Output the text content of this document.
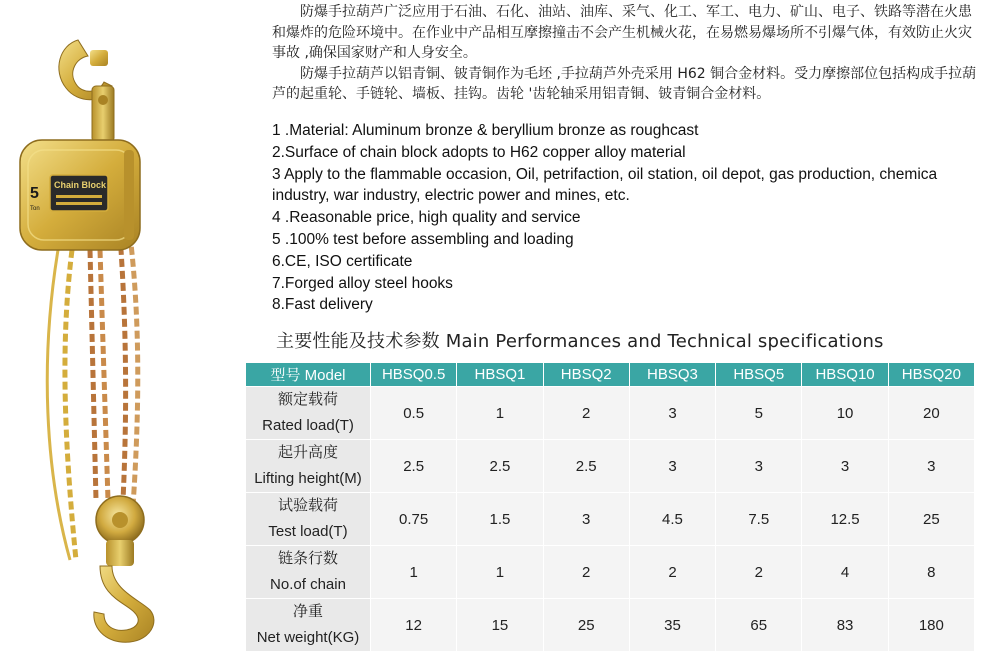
5
Ton
Chain Block

防爆手拉葫芦广泛应用于石油、石化、油站、油库、采气、化工、军工、电力、矿山、电子、铁路等潜在火患和爆炸的危险环境中。在作业中产品相互摩擦撞击不会产生机械火花，在易燃易爆场所不引爆气体，有效防止火灾事故 ,确保国家财产和人身安全。

防爆手拉葫芦以铝青铜、铍青铜作为毛坯 ,手拉葫芦外壳采用 H62 铜合金材料。受力摩擦部位包括构成手拉葫芦的起重轮、手链轮、墙板、挂钩。齿轮 '齿轮轴采用铝青铜、铍青铜合金材料。

1 .Material: Aluminum bronze & beryllium bronze as roughcast
2.Surface of chain block adopts to H62 copper alloy material
3 Apply to the flammable occasion, Oil, petrifaction, oil station, oil depot, gas production, chemica industry, war industry, electric power and mines, etc.
4 .Reasonable price, high quality and service
5 .100% test before assembling and loading
6.CE, ISO certificate
7.Forged alloy steel hooks
8.Fast delivery
主要性能及技术参数 Main Performances and Technical specifications
型号 Model	HBSQ0.5	HBSQ1	HBSQ2	HBSQ3	HBSQ5	HBSQ10	HBSQ20

额定载荷
Rated load(T)	0.5	1	2	3	5	10	20

起升高度
Lifting height(M)	2.5	2.5	2.5	3	3	3	3

试验载荷
Test load(T)	0.75	1.5	3	4.5	7.5	12.5	25

链条行数
No.of chain	1	1	2	2	2	4	8

净重
Net weight(KG)	12	15	25	35	65	83	180
